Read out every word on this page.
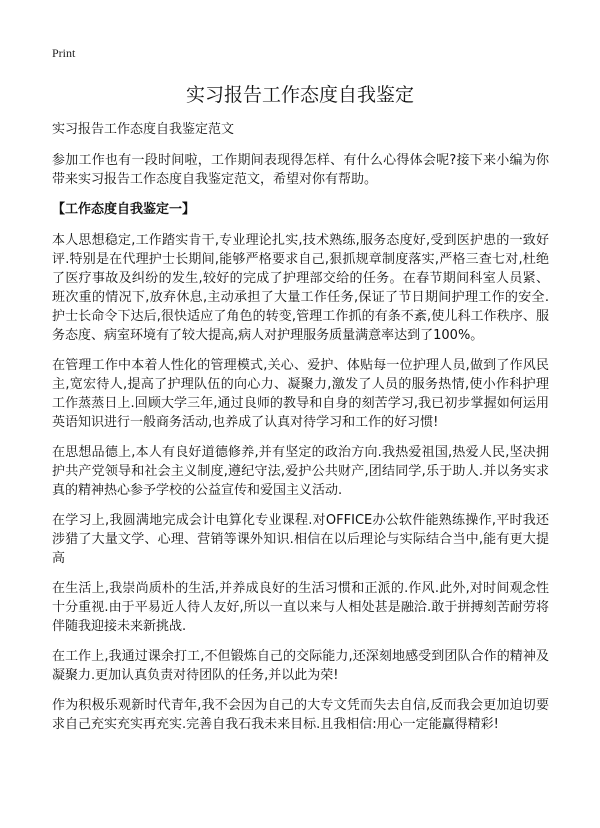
Print
实习报告工作态度自我鉴定

实习报告工作态度自我鉴定范文

参加工作也有一段时间啦，工作期间表现得怎样、有什么心得体会呢?接下来小编为你带来实习报告工作态度自我鉴定范文，希望对你有帮助。

【工作态度自我鉴定一】

本人思想稳定,工作踏实肯干,专业理论扎实,技术熟练,服务态度好,受到医护患的一致好评.特别是在代理护士长期间,能够严格要求自己,狠抓规章制度落实,严格三查七对,杜绝了医疗事故及纠纷的发生,较好的完成了护理部交给的任务。在春节期间科室人员紧、班次重的情况下,放弃休息,主动承担了大量工作任务,保证了节日期间护理工作的安全.护士长命令下达后,很快适应了角色的转变,管理工作抓的有条不紊,使儿科工作秩序、服务态度、病室环境有了较大提高,病人对护理服务质量满意率达到了100%。

在管理工作中本着人性化的管理模式,关心、爱护、体贴每一位护理人员,做到了作风民主,宽宏待人,提高了护理队伍的向心力、凝聚力,激发了人员的服务热情,使小作科护理工作蒸蒸日上.回顾大学三年,通过良师的教导和自身的刻苦学习,我已初步掌握如何运用英语知识进行一般商务活动,也养成了认真对待学习和工作的好习惯!

在思想品德上,本人有良好道德修养,并有坚定的政治方向.我热爱祖国,热爱人民,坚决拥 护共产党领导和社会主义制度,遵纪守法,爱护公共财产,团结同学,乐于助人.并以务实求真的精神热心参予学校的公益宣传和爱国主义活动.

在学习上,我圆满地完成会计电算化专业课程.对OFFICE办公软件能熟练操作,平时我还涉猎了大量文学、心理、营销等课外知识.相信在以后理论与实际结合当中,能有更大提高

在生活上,我崇尚质朴的生活,并养成良好的生活习惯和正派的.作风.此外,对时间观念性十分重视.由于平易近人待人友好,所以一直以来与人相处甚是融洽.敢于拼搏刻苦耐劳将伴随我迎接未来新挑战.

在工作上,我通过课余打工,不但锻炼自己的交际能力,还深刻地感受到团队合作的精神及凝聚力.更加认真负责对待团队的任务,并以此为荣!

作为积极乐观新时代青年,我不会因为自己的大专文凭而失去自信,反而我会更加迫切要求自己充实充实再充实.完善自我石我未来目标.且我相信:用心一定能赢得精彩!
